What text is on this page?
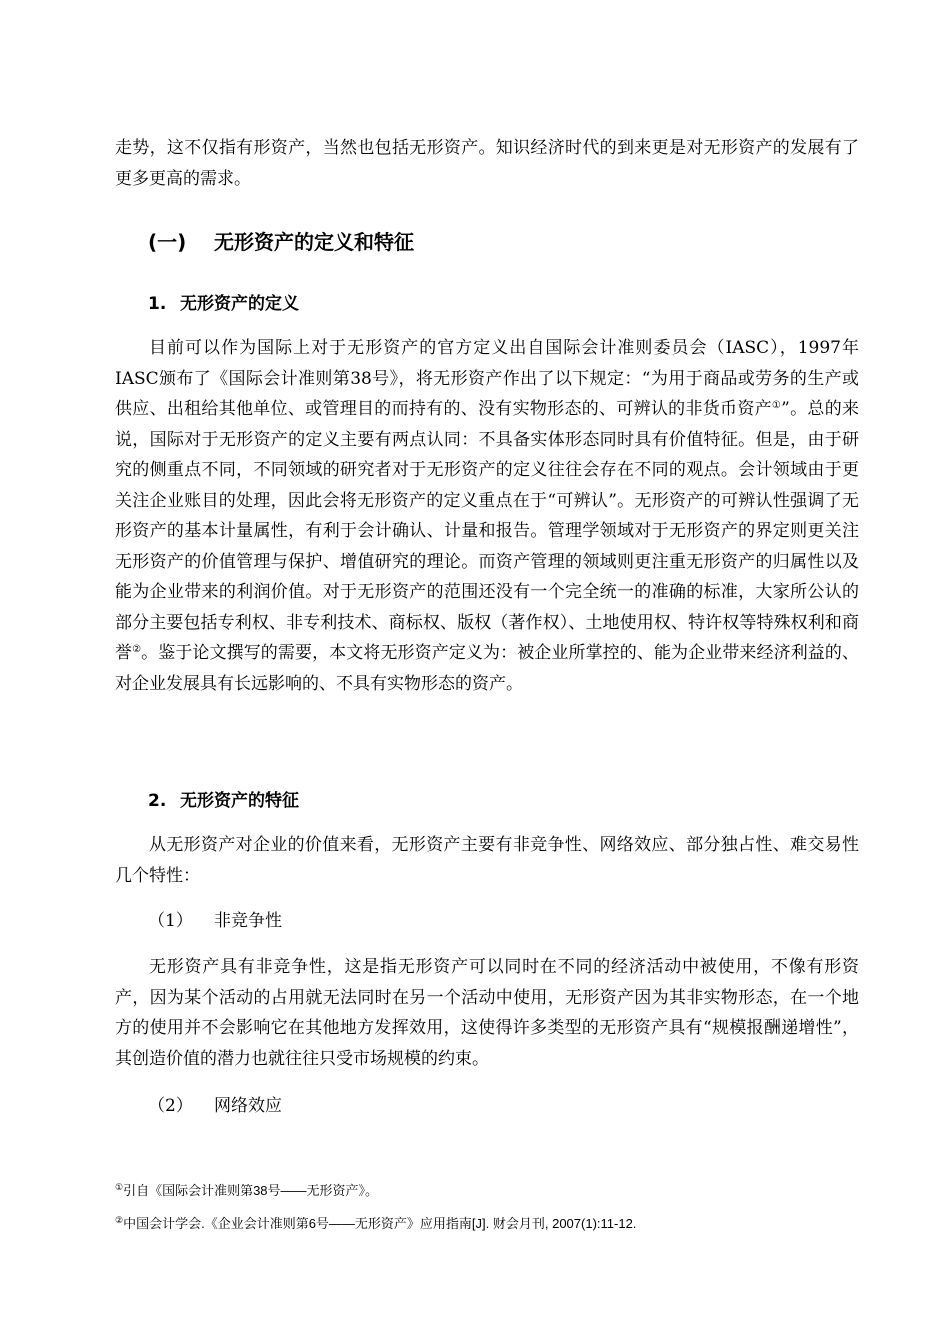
走势，这不仅指有形资产，当然也包括无形资产。知识经济时代的到来更是对无形资产的发展有了更多更高的需求。
(一) 无形资产的定义和特征
1. 无形资产的定义
目前可以作为国际上对于无形资产的官方定义出自国际会计准则委员会（IASC），1997年IASC颁布了《国际会计准则第38号》，将无形资产作出了以下规定：“为用于商品或劳务的生产或供应、出租给其他单位、或管理目的而持有的、没有实物形态的、可辨认的非货币资产①”。总的来说，国际对于无形资产的定义主要有两点认同：不具备实体形态同时具有价值特征。但是，由于研究的侧重点不同，不同领域的研究者对于无形资产的定义往往会存在不同的观点。会计领域由于更关注企业账目的处理，因此会将无形资产的定义重点在于“可辨认”。无形资产的可辨认性强调了无形资产的基本计量属性，有利于会计确认、计量和报告。管理学领域对于无形资产的界定则更关注无形资产的价值管理与保护、增值研究的理论。而资产管理的领域则更注重无形资产的归属性以及能为企业带来的利润价值。对于无形资产的范围还没有一个完全统一的准确的标准，大家所公认的部分主要包括专利权、非专利技术、商标权、版权（著作权）、土地使用权、特许权等特殊权利和商誉②。鉴于论文撰写的需要，本文将无形资产定义为：被企业所掌控的、能为企业带来经济利益的、对企业发展具有长远影响的、不具有实物形态的资产。
2. 无形资产的特征
从无形资产对企业的价值来看，无形资产主要有非竞争性、网络效应、部分独占性、难交易性几个特性：
（1） 非竞争性
无形资产具有非竞争性，这是指无形资产可以同时在不同的经济活动中被使用，不像有形资产，因为某个活动的占用就无法同时在另一个活动中使用，无形资产因为其非实物形态，在一个地方的使用并不会影响它在其他地方发挥效用，这使得许多类型的无形资产具有“规模报酬递增性”，其创造价值的潜力也就往往只受市场规模的约束。
（2） 网络效应
①引自《国际会计准则第38号——无形资产》。
②中国会计学会.《企业会计准则第6号——无形资产》应用指南[J]. 财会月刊, 2007(1):11-12.
